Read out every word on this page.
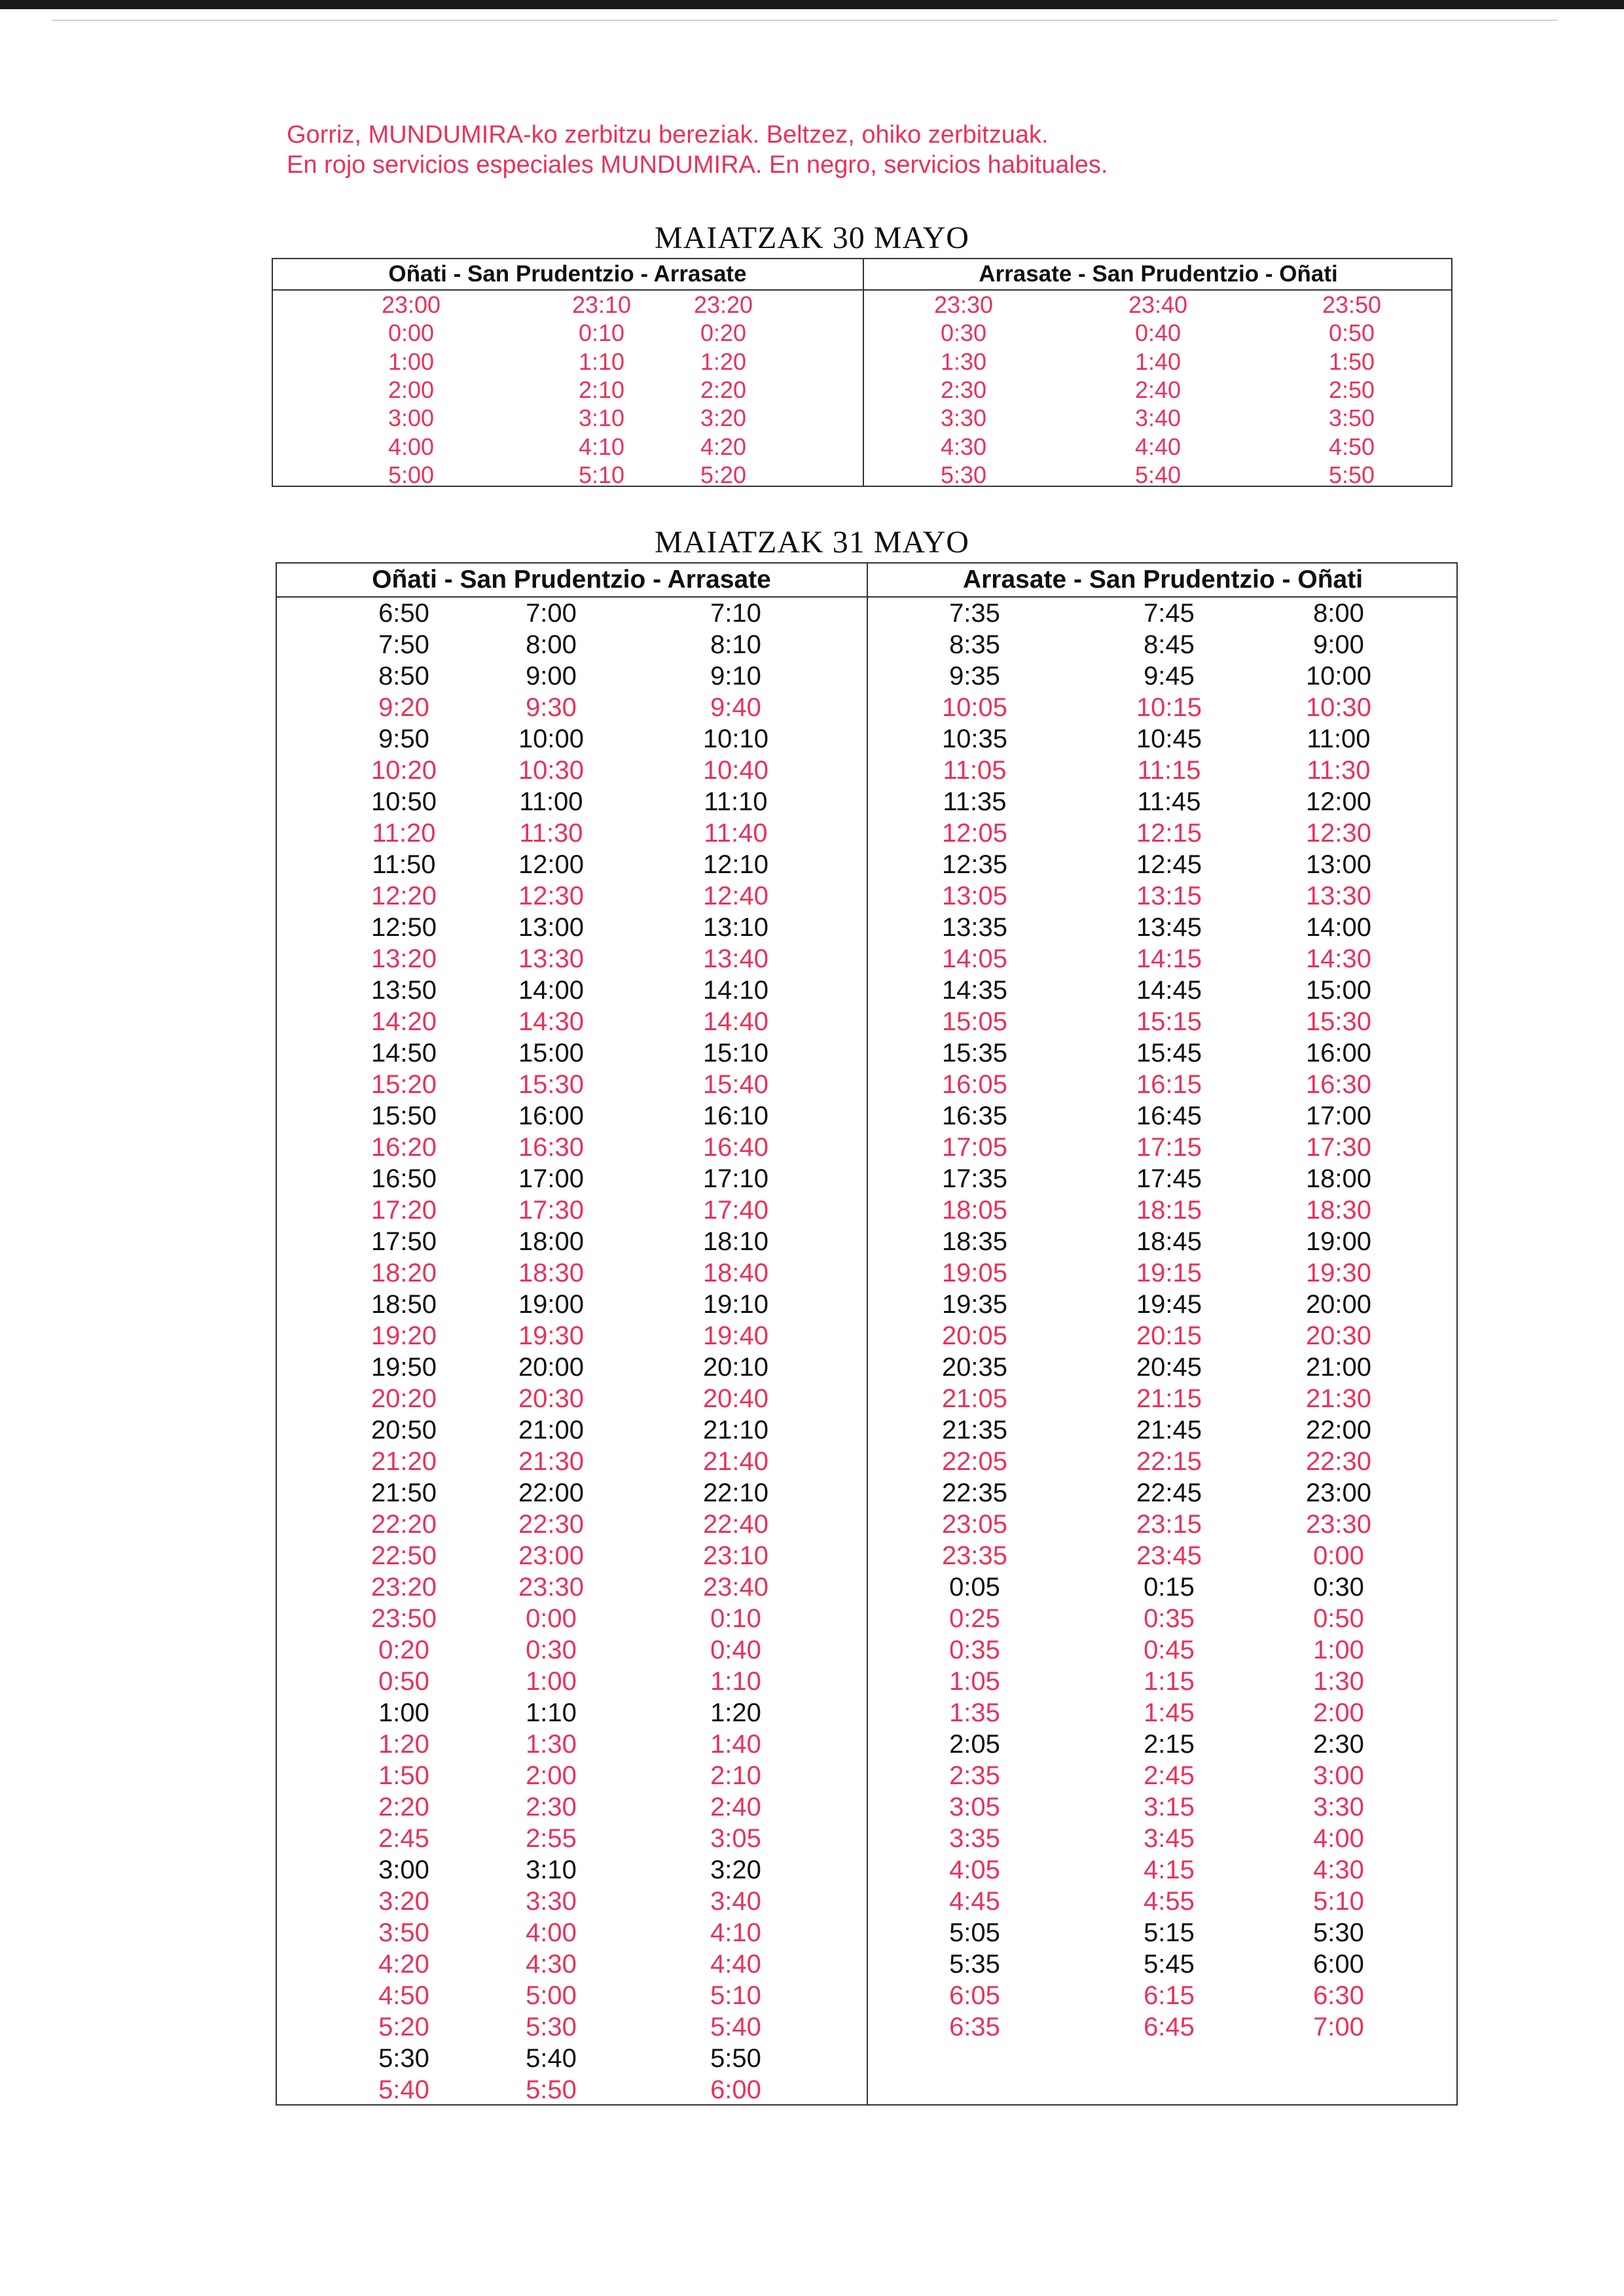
Gorriz, MUNDUMIRA-ko zerbitzu bereziak. Beltzez, ohiko zerbitzuak.
En rojo servicios especiales MUNDUMIRA. En negro, servicios habituales.
MAIATZAK 30 MAYO
Oñati - San Prudentzio - Arrasate	Arrasate - San Prudentzio - Oñati
23:00	23:10	23:20	23:30	23:40	23:50
0:00	0:10	0:20	0:30	0:40	0:50
1:00	1:10	1:20	1:30	1:40	1:50
2:00	2:10	2:20	2:30	2:40	2:50
3:00	3:10	3:20	3:30	3:40	3:50
4:00	4:10	4:20	4:30	4:40	4:50
5:00	5:10	5:20	5:30	5:40	5:50
MAIATZAK 31 MAYO
Oñati - San Prudentzio - Arrasate	Arrasate - San Prudentzio - Oñati
6:50	7:00	7:10	7:35	7:45	8:00
7:50	8:00	8:10	8:35	8:45	9:00
8:50	9:00	9:10	9:35	9:45	10:00
9:20	9:30	9:40	10:05	10:15	10:30
9:50	10:00	10:10	10:35	10:45	11:00
10:20	10:30	10:40	11:05	11:15	11:30
10:50	11:00	11:10	11:35	11:45	12:00
11:20	11:30	11:40	12:05	12:15	12:30
11:50	12:00	12:10	12:35	12:45	13:00
12:20	12:30	12:40	13:05	13:15	13:30
12:50	13:00	13:10	13:35	13:45	14:00
13:20	13:30	13:40	14:05	14:15	14:30
13:50	14:00	14:10	14:35	14:45	15:00
14:20	14:30	14:40	15:05	15:15	15:30
14:50	15:00	15:10	15:35	15:45	16:00
15:20	15:30	15:40	16:05	16:15	16:30
15:50	16:00	16:10	16:35	16:45	17:00
16:20	16:30	16:40	17:05	17:15	17:30
16:50	17:00	17:10	17:35	17:45	18:00
17:20	17:30	17:40	18:05	18:15	18:30
17:50	18:00	18:10	18:35	18:45	19:00
18:20	18:30	18:40	19:05	19:15	19:30
18:50	19:00	19:10	19:35	19:45	20:00
19:20	19:30	19:40	20:05	20:15	20:30
19:50	20:00	20:10	20:35	20:45	21:00
20:20	20:30	20:40	21:05	21:15	21:30
20:50	21:00	21:10	21:35	21:45	22:00
21:20	21:30	21:40	22:05	22:15	22:30
21:50	22:00	22:10	22:35	22:45	23:00
22:20	22:30	22:40	23:05	23:15	23:30
22:50	23:00	23:10	23:35	23:45	0:00
23:20	23:30	23:40	0:05	0:15	0:30
23:50	0:00	0:10	0:25	0:35	0:50
0:20	0:30	0:40	0:35	0:45	1:00
0:50	1:00	1:10	1:05	1:15	1:30
1:00	1:10	1:20	1:35	1:45	2:00
1:20	1:30	1:40	2:05	2:15	2:30
1:50	2:00	2:10	2:35	2:45	3:00
2:20	2:30	2:40	3:05	3:15	3:30
2:45	2:55	3:05	3:35	3:45	4:00
3:00	3:10	3:20	4:05	4:15	4:30
3:20	3:30	3:40	4:45	4:55	5:10
3:50	4:00	4:10	5:05	5:15	5:30
4:20	4:30	4:40	5:35	5:45	6:00
4:50	5:00	5:10	6:05	6:15	6:30
5:20	5:30	5:40	6:35	6:45	7:00
5:30	5:40	5:50
5:40	5:50	6:00
